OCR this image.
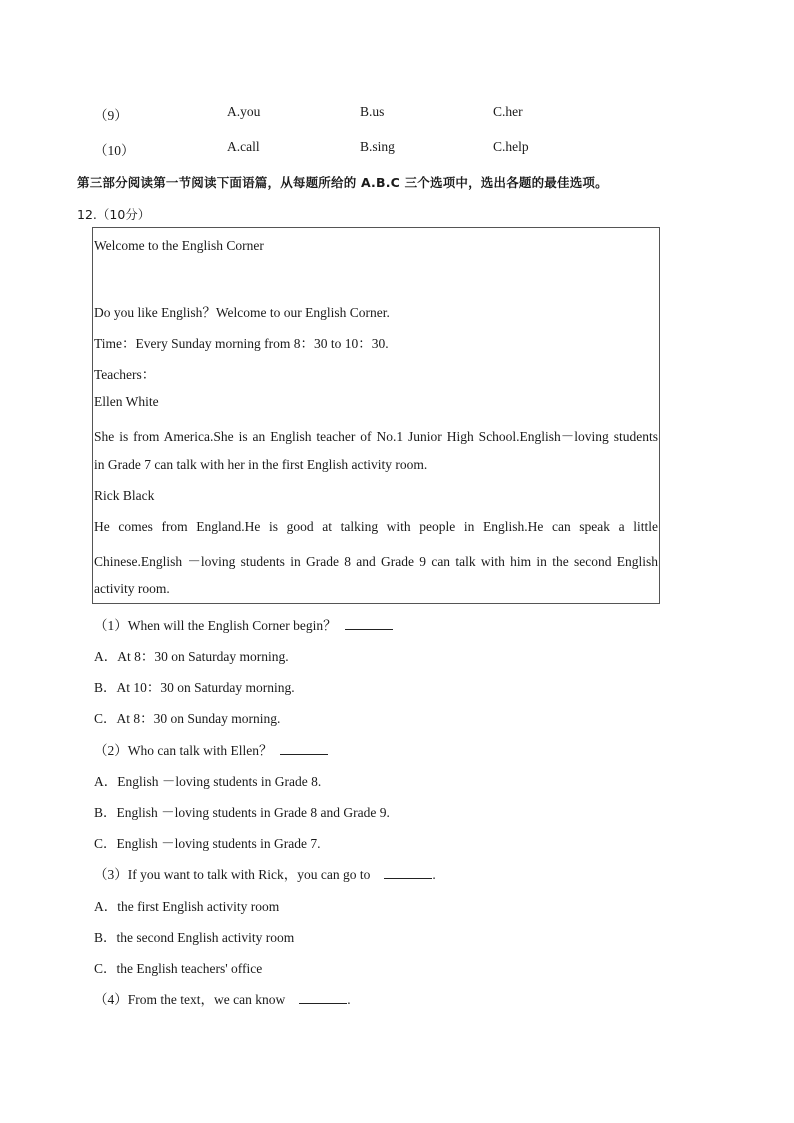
（9）	A.you	B.us	C.her
（10）	A.call	B.sing	C.help
第三部分阅读第一节阅读下面语篇，从每题所给的 A.B.C 三个选项中，选出各题的最佳选项。
12.（10分）
Welcome to the English Corner
Do you like English？Welcome to our English Corner.
Time：Every Sunday morning from 8：30 to 10：30.
Teachers：
Ellen White
She is from America.She is an English teacher of No.1 Junior High School.English－loving students
in Grade 7 can talk with her in the first English activity room.
Rick Black
He comes from England.He is good at talking with people in English.He can speak a little
Chinese.English －loving students in Grade 8 and Grade 9 can talk with him in the second English
activity room.
（1）When will the English Corner begin？
A．At 8：30 on Saturday morning.
B．At 10：30 on Saturday morning.
C．At 8：30 on Sunday morning.
（2）Who can talk with Ellen？
A．English －loving students in Grade 8.
B．English －loving students in Grade 8 and Grade 9.
C．English －loving students in Grade 7.
（3）If you want to talk with Rick，you can go to	.
A．the first English activity room
B．the second English activity room
C．the English teachers' office
（4）From the text，we can know	.
